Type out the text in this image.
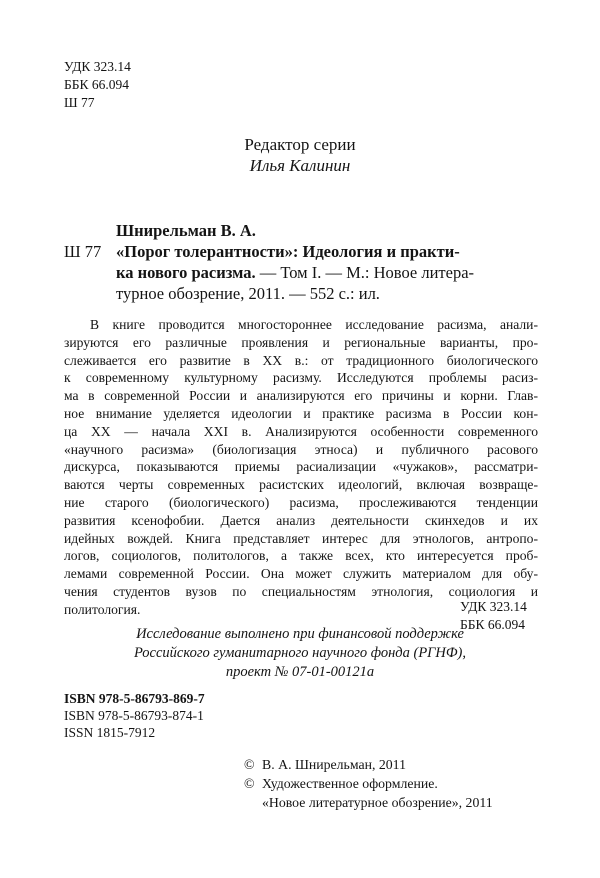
УДК 323.14
ББК 66.094
Ш 77
Редактор серии
Илья Калинин
Шнирельман В. А.
Ш 77 «Порог толерантности»: Идеология и практи-
ка нового расизма. — Том I. — М.: Новое литера-
турное обозрение, 2011. — 552 с.: ил.
В книге проводится многостороннее исследование расизма, анали-
зируются его различные проявления и региональные варианты, про-
слеживается его развитие в XX в.: от традиционного биологического
к современному культурному расизму. Исследуются проблемы расиз-
ма в современной России и анализируются его причины и корни. Глав-
ное внимание уделяется идеологии и практике расизма в России кон-
ца XX — начала XXI в. Анализируются особенности современного
«научного расизма» (биологизация этноса) и публичного расового
дискурса, показываются приемы расиализации «чужаков», рассматри-
ваются черты современных расистских идеологий, включая возвраще-
ние старого (биологического) расизма, прослеживаются тенденции
развития ксенофобии. Дается анализ деятельности скинхедов и их
идейных вождей. Книга представляет интерес для этнологов, антропо-
логов, социологов, политологов, а также всех, кто интересуется проб-
лемами современной России. Она может служить материалом для обу-
чения студентов вузов по специальностям этнология, социология и
политология.	УДК 323.14
ББК 66.094
Исследование выполнено при финансовой поддержке
Российского гуманитарного научного фонда (РГНФ),
проект № 07-01-00121а
ISBN 978-5-86793-869-7
ISBN 978-5-86793-874-1
ISSN 1815-7912
© В. А. Шнирельман, 2011
© Художественное оформление.
«Новое литературное обозрение», 2011
